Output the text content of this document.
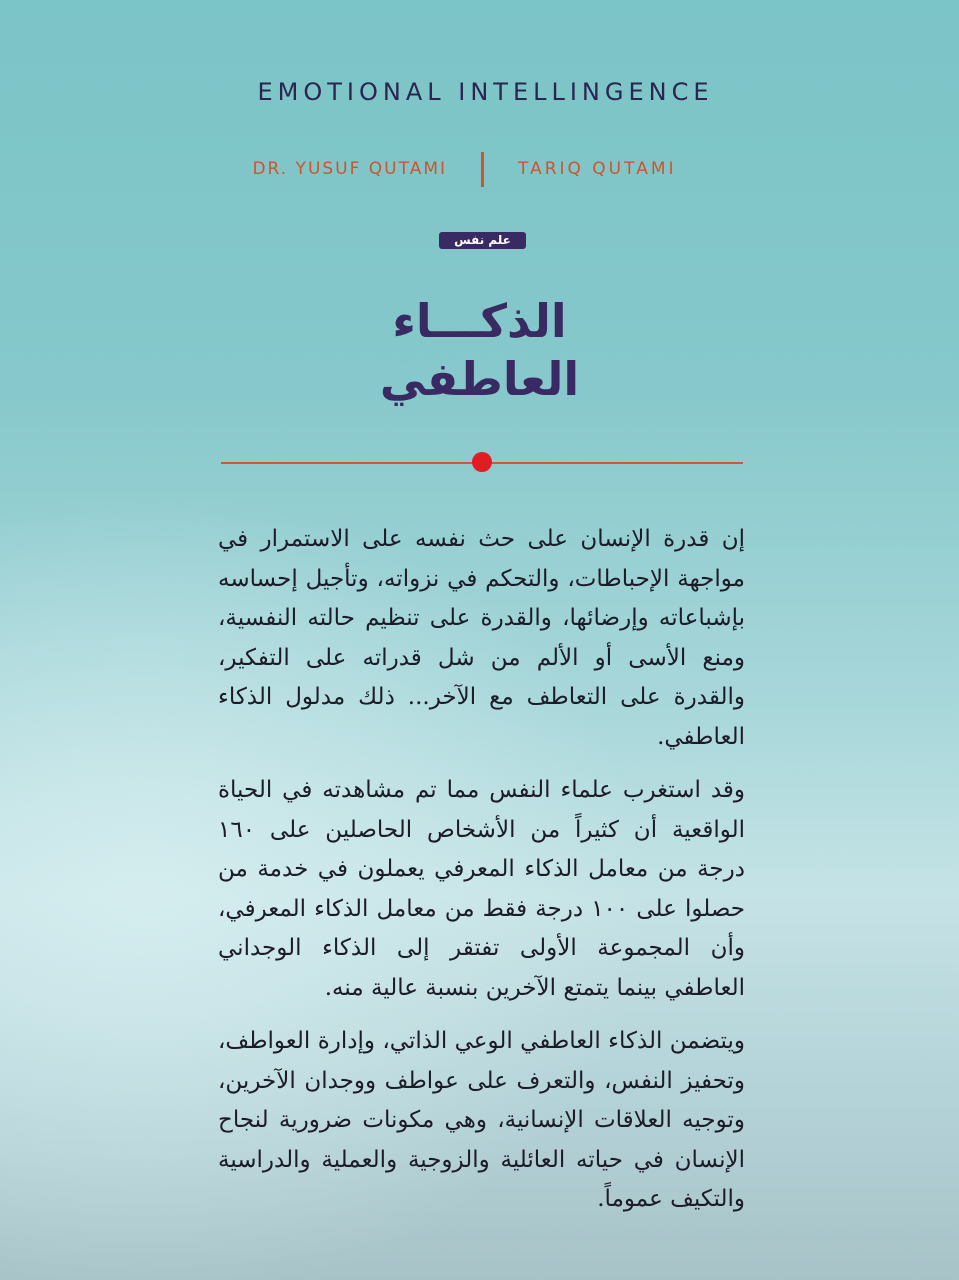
EMOTIONAL INTELLINGENCE
DR. YUSUF QUTAMI	TARIQ QUTAMI
علم نفس
الذكـــاء
العاطفي

إن قدرة الإنسان على حث نفسه على الاستمرار في مواجهة الإحباطات، والتحكم في نزواته، وتأجيل إحساسه بإشباعاته وإرضائها، والقدرة على تنظيم حالته النفسية، ومنع الأسى أو الألم من شل قدراته على التفكير، والقدرة على التعاطف مع الآخر... ذلك مدلول الذكاء العاطفي.

وقد استغرب علماء النفس مما تم مشاهدته في الحياة الواقعية أن كثيراً من الأشخاص الحاصلين على ١٦٠ درجة من معامل الذكاء المعرفي يعملون في خدمة من حصلوا على ١٠٠ درجة فقط من معامل الذكاء المعرفي، وأن المجموعة الأولى تفتقر إلى الذكاء الوجداني العاطفي بينما يتمتع الآخرين بنسبة عالية منه.

ويتضمن الذكاء العاطفي الوعي الذاتي، وإدارة العواطف، وتحفيز النفس، والتعرف على عواطف ووجدان الآخرين، وتوجيه العلاقات الإنسانية، وهي مكونات ضرورية لنجاح الإنسان في حياته العائلية والزوجية والعملية والدراسية والتكيف عموماً.
